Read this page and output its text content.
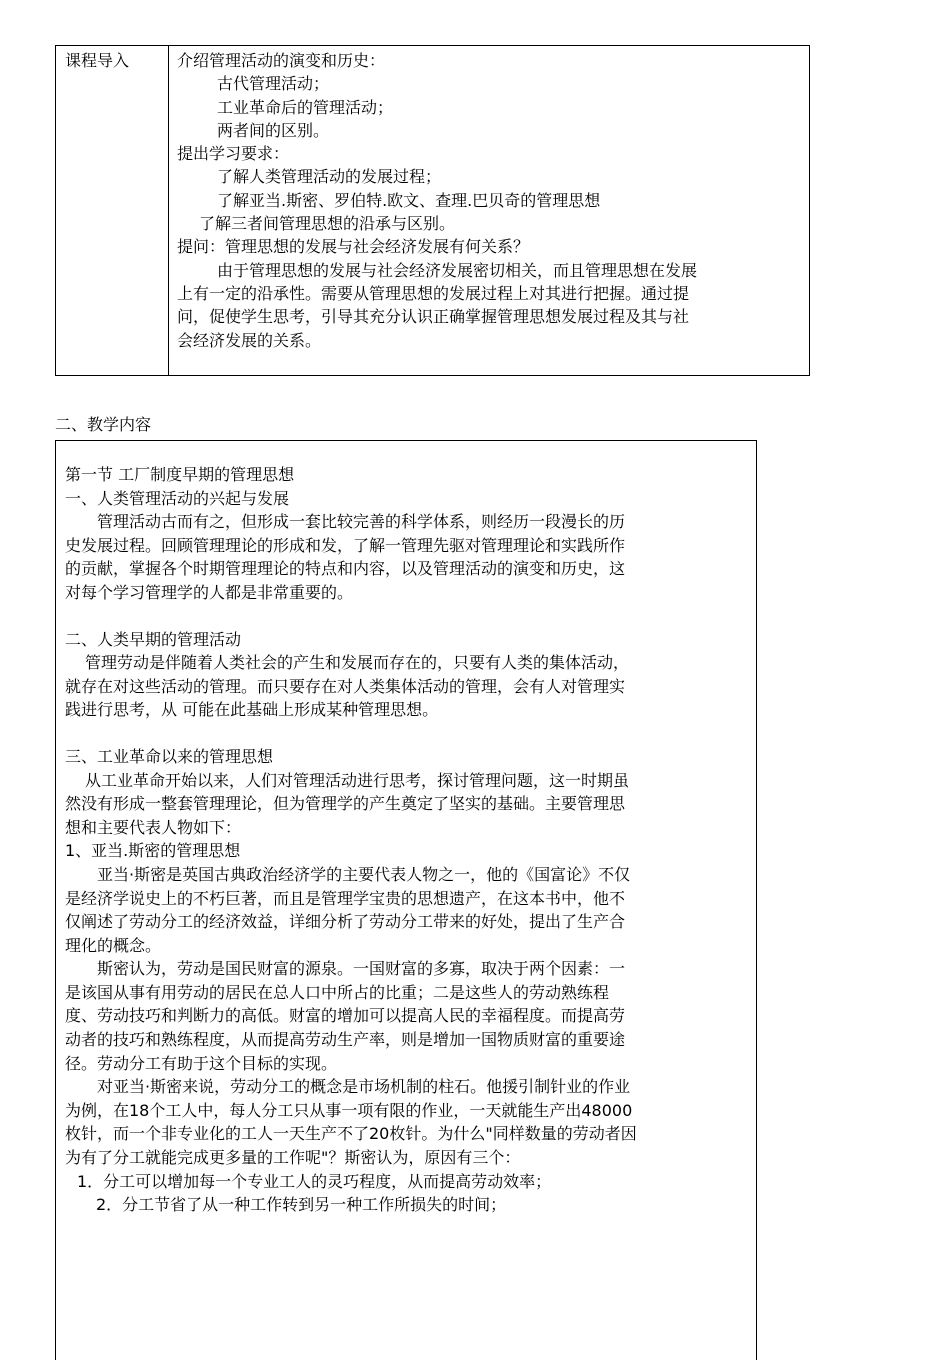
课程导入	介绍管理活动的演变和历史：
古代管理活动；
工业革命后的管理活动；
两者间的区别。
提出学习要求：
了解人类管理活动的发展过程；
了解亚当.斯密、罗伯特.欧文、查理.巴贝奇的管理思想
了解三者间管理思想的沿承与区别。
提问：管理思想的发展与社会经济发展有何关系？
由于管理思想的发展与社会经济发展密切相关，而且管理思想在发展
上有一定的沿承性。需要从管理思想的发展过程上对其进行把握。通过提
问，促使学生思考，引导其充分认识正确掌握管理思想发展过程及其与社
会经济发展的关系。
二、教学内容
第一节 工厂制度早期的管理思想
一、人类管理活动的兴起与发展
管理活动古而有之，但形成一套比较完善的科学体系，则经历一段漫长的历
史发展过程。回顾管理理论的形成和发，了解一管理先驱对管理理论和实践所作
的贡献，掌握各个时期管理理论的特点和内容，以及管理活动的演变和历史，这
对每个学习管理学的人都是非常重要的。
二、人类早期的管理活动
管理劳动是伴随着人类社会的产生和发展而存在的，只要有人类的集体活动，
就存在对这些活动的管理。而只要存在对人类集体活动的管理，会有人对管理实
践进行思考，从 可能在此基础上形成某种管理思想。
三、工业革命以来的管理思想
从工业革命开始以来，人们对管理活动进行思考，探讨管理问题，这一时期虽
然没有形成一整套管理理论，但为管理学的产生奠定了坚实的基础。主要管理思
想和主要代表人物如下：
1、亚当.斯密的管理思想
亚当·斯密是英国古典政治经济学的主要代表人物之一，他的《国富论》不仅
是经济学说史上的不朽巨著，而且是管理学宝贵的思想遗产，在这本书中，他不
仅阐述了劳动分工的经济效益，详细分析了劳动分工带来的好处，提出了生产合
理化的概念。
斯密认为，劳动是国民财富的源泉。一国财富的多寡，取决于两个因素：一
是该国从事有用劳动的居民在总人口中所占的比重；二是这些人的劳动熟练程
度、劳动技巧和判断力的高低。财富的增加可以提高人民的幸福程度。而提高劳
动者的技巧和熟练程度，从而提高劳动生产率，则是增加一国物质财富的重要途
径。劳动分工有助于这个目标的实现。
对亚当·斯密来说，劳动分工的概念是市场机制的柱石。他援引制针业的作业
为例，在18个工人中，每人分工只从事一项有限的作业，一天就能生产出48000
枚针，而一个非专业化的工人一天生产不了20枚针。为什么"同样数量的劳动者因
为有了分工就能完成更多量的工作呢"？斯密认为，原因有三个：
1．分工可以增加每一个专业工人的灵巧程度，从而提高劳动效率；
2．分工节省了从一种工作转到另一种工作所损失的时间；
